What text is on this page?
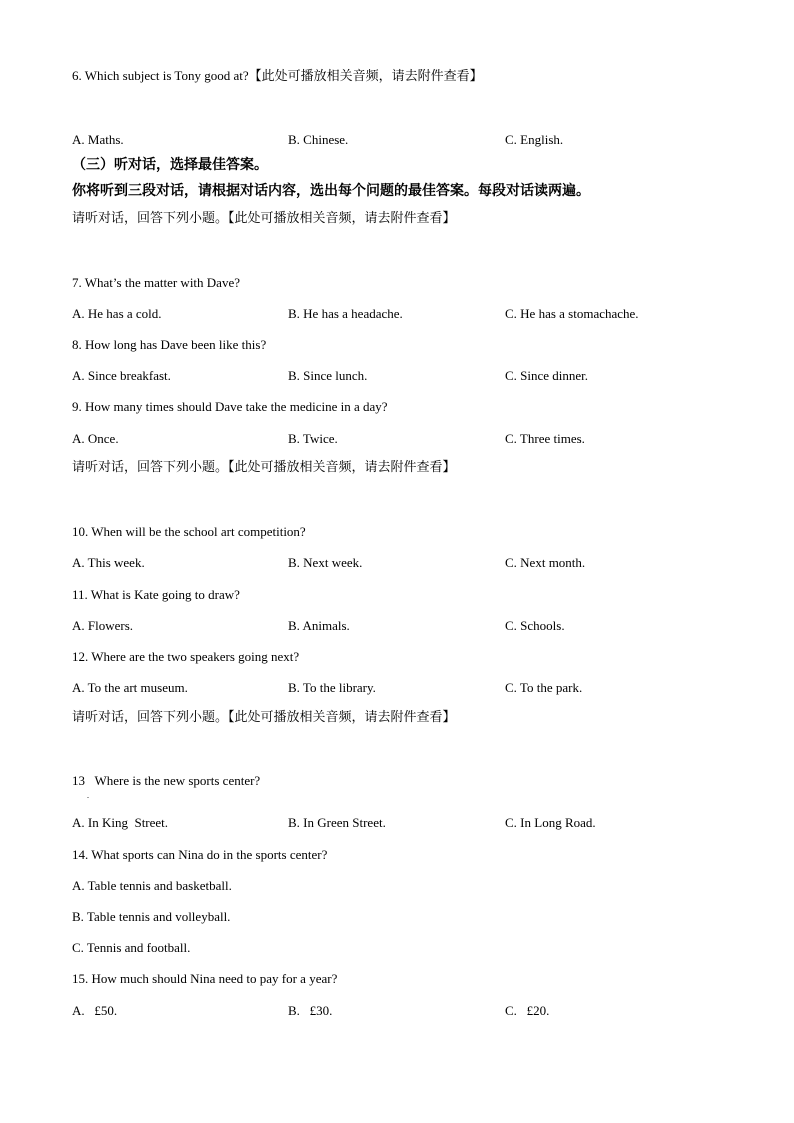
6. Which subject is Tony good at?【此处可播放相关音频，请去附件查看】
A. Maths.	B. Chinese.	C. English.
（三）听对话，选择最佳答案。
你将听到三段对话，请根据对话内容，选出每个问题的最佳答案。每段对话读两遍。
请听对话，回答下列小题。【此处可播放相关音频，请去附件查看】
7. What’s the matter with Dave?
A. He has a cold.	B. He has a headache.	C. He has a stomachache.
8. How long has Dave been like this?
A. Since breakfast.	B. Since lunch.	C. Since dinner.
9. How many times should Dave take the medicine in a day?
A. Once.	B. Twice.	C. Three times.
请听对话，回答下列小题。【此处可播放相关音频，请去附件查看】
10. When will be the school art competition?
A. This week.	B. Next week.	C. Next month.
11. What is Kate going to draw?
A. Flowers.	B. Animals.	C. Schools.
12. Where are the two speakers going next?
A. To the art museum.	B. To the library.	C. To the park.
请听对话，回答下列小题。【此处可播放相关音频，请去附件查看】
13   Where is the new sports center?
.
A. In King  Street.	B. In Green Street.	C. In Long Road.
14. What sports can Nina do in the sports center?
A. Table tennis and basketball.
B. Table tennis and volleyball.
C. Tennis and football.
15. How much should Nina need to pay for a year?
A.   £50.	B.   £30.	C.   £20.
